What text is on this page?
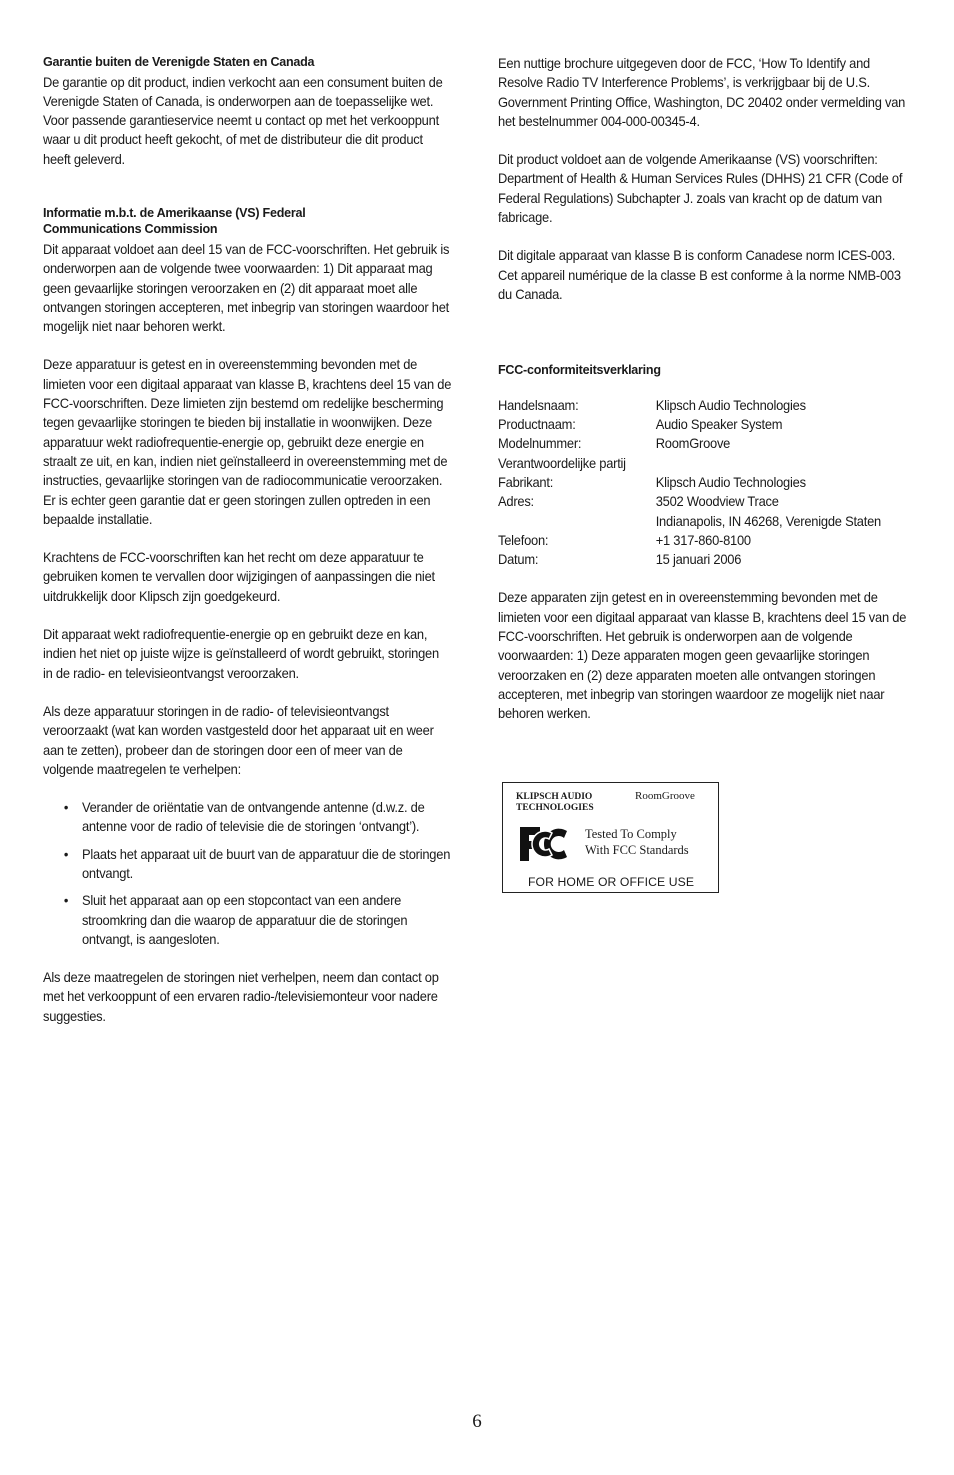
Garantie buiten de Verenigde Staten en Canada

De garantie op dit product, indien verkocht aan een consument buiten de Verenigde Staten of Canada, is onderworpen aan de toepasselijke wet. Voor passende garantieservice neemt u contact op met het verkooppunt waar u dit product heeft gekocht, of met de distributeur die dit product heeft geleverd.

Informatie m.b.t. de Amerikaanse (VS) Federal
Communications Commission

Dit apparaat voldoet aan deel 15 van de FCC-voorschriften. Het gebruik is onderworpen aan de volgende twee voorwaarden: 1) Dit apparaat mag geen gevaarlijke storingen veroorzaken en (2) dit apparaat moet alle ontvangen storingen accepteren, met inbegrip van storingen waardoor het mogelijk niet naar behoren werkt.

Deze apparatuur is getest en in overeenstemming bevonden met de limieten voor een digitaal apparaat van klasse B, krachtens deel 15 van de FCC-voorschriften. Deze limieten zijn bestemd om redelijke bescherming tegen gevaarlijke storingen te bieden bij installatie in woonwijken. Deze apparatuur wekt radiofrequentie-energie op, gebruikt deze energie en straalt ze uit, en kan, indien niet geïnstalleerd in overeenstemming met de instructies, gevaarlijke storingen van de radiocommunicatie veroorzaken. Er is echter geen garantie dat er geen storingen zullen optreden in een bepaalde installatie.

Krachtens de FCC-voorschriften kan het recht om deze apparatuur te gebruiken komen te vervallen door wijzigingen of aanpassingen die niet uitdrukkelijk door Klipsch zijn goedgekeurd.

Dit apparaat wekt radiofrequentie-energie op en gebruikt deze en kan, indien het niet op juiste wijze is geïnstalleerd of wordt gebruikt, storingen in de radio- en televisieontvangst veroorzaken.

Als deze apparatuur storingen in de radio- of televisieontvangst veroorzaakt (wat kan worden vastgesteld door het apparaat uit en weer aan te zetten), probeer dan de storingen door een of meer van de volgende maatregelen te verhelpen:

• Verander de oriëntatie van de ontvangende antenne (d.w.z. de antenne voor de radio of televisie die de storingen ‘ontvangt’).
• Plaats het apparaat uit de buurt van de apparatuur die de storingen ontvangt.
• Sluit het apparaat aan op een stopcontact van een andere stroomkring dan die waarop de apparatuur die de storingen ontvangt, is aangesloten.

Als deze maatregelen de storingen niet verhelpen, neem dan contact op met het verkooppunt of een ervaren radio-/televisiemonteur voor nadere suggesties.

Een nuttige brochure uitgegeven door de FCC, ‘How To Identify and Resolve Radio TV Interference Problems’, is verkrijgbaar bij de U.S. Government Printing Office, Washington, DC 20402 onder vermelding van het bestelnummer 004-000-00345-4.

Dit product voldoet aan de volgende Amerikaanse (VS) voorschriften: Department of Health & Human Services Rules (DHHS) 21 CFR (Code of Federal Regulations) Subchapter J. zoals van kracht op de datum van fabricage.

Dit digitale apparaat van klasse B is conform Canadese norm ICES-003. Cet appareil numérique de la classe B est conforme à la norme NMB-003 du Canada.

FCC-conformiteitsverklaring

Handelsnaam:	Klipsch Audio Technologies
Productnaam:	Audio Speaker System
Modelnummer:	RoomGroove
Verantwoordelijke partij	
Fabrikant:	Klipsch Audio Technologies
Adres:	3502 Woodview Trace
	Indianapolis, IN 46268, Verenigde Staten
Telefoon:	+1 317-860-8100
Datum:	15 januari 2006

Deze apparaten zijn getest en in overeenstemming bevonden met de limieten voor een digitaal apparaat van klasse B, krachtens deel 15 van de FCC-voorschriften. Het gebruik is onderworpen aan de volgende voorwaarden: 1) Deze apparaten mogen geen gevaarlijke storingen veroorzaken en (2) deze apparaten moeten alle ontvangen storingen accepteren, met inbegrip van storingen waardoor ze mogelijk niet naar behoren werken.

KLIPSCH AUDIO
TECHNOLOGIES
RoomGroove
Tested To Comply
With FCC Standards
FOR HOME OR OFFICE USE
6
